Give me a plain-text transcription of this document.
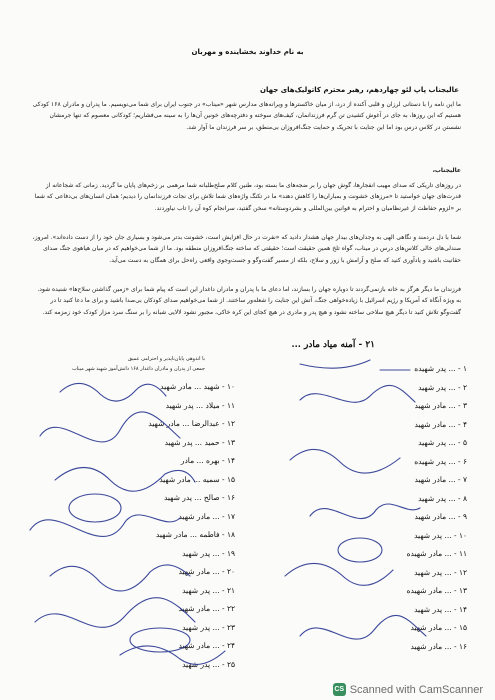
به نام خداوند بخشاینده و مهربان
عالیجناب پاپ لئو چهاردهم، رهبر محترم کاتولیک‌های جهان
ما این نامه را با دستانی لرزان و قلبی آکنده از درد، از میان خاکسترها و ویرانه‌های مدارس شهر «میناب» در جنوب ایران برای شما می‌نویسیم. ما پدران و مادران ۱۶۸ کودکی هستیم که این روزها، به جای در آغوش کشیدن تن گرم فرزندانمان، کیف‌های سوخته و دفترچه‌های خونین آن‌ها را به سینه می‌فشاریم؛ کودکانی معصوم که تنها جرمشان نشستن در کلاس درس بود اما این جنایت با تحریک و حمایت جنگ‌افروزان بی‌منطق، بر سر فرزندان ما آوار شد.
عالیجناب،
در روزهای تاریکی که صدای مهیب انفجارها، گوش جهان را بر ضجه‌های ما بسته بود، طنین کلام صلح‌طلبانه شما مرهمی بر زخم‌های پایان ما گردید. زمانی که شجاعانه از قدرت‌های جهان خواستید تا «مرزهای خشونت و بمباران‌ها را کاهش دهند» ما در تکنگ واژه‌های شما تلاش برای نجات فرزندانمان را دیدیم؛ همان انسان‌های بی‌دفاعی که شما بر «لزوم حفاظت از غیرنظامیان و احترام به قوانین بین‌المللی و بشردوستانه» سخن گفتید، سرانجام کوه آن را تاب نیاوردند.
شما با دل دردمند و نگاهی الهی به وجدان‌های بیدار جهان هشدار دادید که «نفرت در حال افزایش است، خشونت بدتر می‌شود و بسیاری جان خود را از دست داده‌اند». امروز، صندلی‌های خالی کلاس‌های درس در میناب، گواه تلخ همین حقیقت است؛ حقیقتی که ساخته جنگ‌افروزان منطقه بود. ما از شما می‌خواهیم که در میان هیاهوی جنگ صدای حقانیت باشید و یادآوری کنید که صلح و آرامش با زور و سلاح، بلکه از مسیر گفت‌وگو و جست‌وجوی واقعی راه‌حل برای همگان به دست می‌آید.
فرزندان ما دیگر هرگز به خانه بازنمی‌گردند تا دوباره جهان را بسازند، اما دعای ما با پدران و مادران داغدار این است که پیام شما برای «زمین گذاشتن سلاح‌ها» شنیده شود. به ویژه آنگاه که آمریکا و رژیم اسرائیل با زیاده‌خواهی جنگ، آتش این جنایت را شعله‌ور ساختند. از شما می‌خواهیم صدای کودکان بی‌صدا باشید و برای ما دعا کنید تا در گفت‌وگو تلاش کنید تا دیگر هیچ سلاحی ساخته نشود و هیچ پدر و مادری در هیچ کجای این کره خاکی، مجبور نشود لالایی شبانه را بر سنگ سرد مزار کودک خود زمزمه کند.
با اندوهی پایان‌ناپذیر و احترامی عمیق
جمعی از پدران و مادران داغدار ۱۶۸ دانش‌آموز شهید شهر میناب
۲۱ - آمنه میاد مادر ...
۱۰ - شهید ... مادر شهید
۱۱ - میلاد ... پدر شهید
۱۲ - عبدالرضا ... مادر شهید
۱۳ - حمید ... پدر شهید
۱۴ - بهره ... مادر
۱۵ - سمیه ... مادر شهید
۱۶ - صالح ... پدر شهید
۱۷ - ... مادر شهید
۱۸ - فاطمه ... مادر شهید
۱۹ - ... پدر شهید
۲۰ - ... مادر شهید
۲۱ - ... پدر شهید
۲۲ - ... مادر شهید
۲۳ - ... پدر شهید
۲۴ - ... مادر شهید
۲۵ - ... پدر شهید
۱ - ... پدر شهیده
۲ - ... پدر شهید
۳ - ... مادر شهید
۴ - ... مادر شهید
۵ - ... پدر شهید
۶ - ... پدر شهیده
۷ - ... مادر شهید
۸ - ... پدر شهید
۹ - ... مادر شهید
۱۰ - ... پدر شهید
۱۱ - ... مادر شهیده
۱۲ - ... پدر شهید
۱۳ - ... مادر شهیده
۱۴ - ... پدر شهید
۱۵ - ... مادر شهید
۱۶ - ... مادر شهید
CS Scanned with CamScanner
